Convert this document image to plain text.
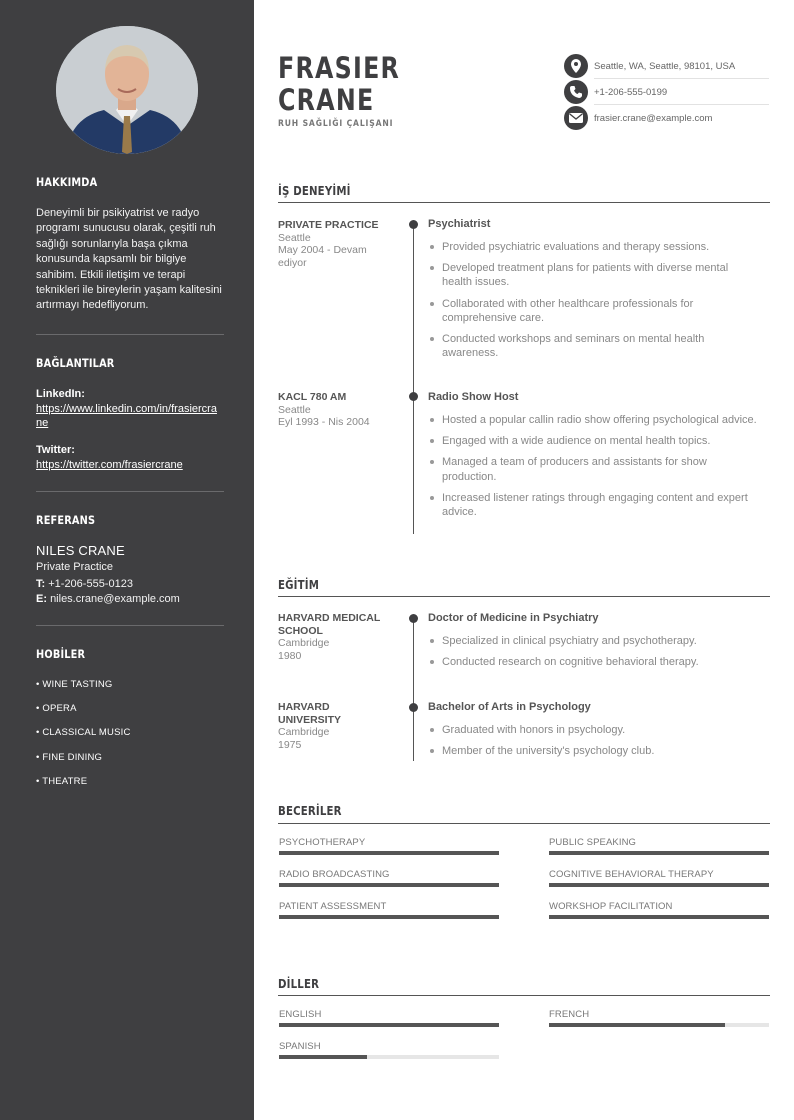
HAKKIMDA
Deneyimli bir psikiyatrist ve radyo programı sunucusu olarak, çeşitli ruh sağlığı sorunlarıyla başa çıkma konusunda kapsamlı bir bilgiye sahibim. Etkili iletişim ve terapi teknikleri ile bireylerin yaşam kalitesini artırmayı hedefliyorum.
BAĞLANTILAR
LinkedIn:
https://www.linkedin.com/in/frasiercrane
Twitter:
https://twitter.com/frasiercrane
REFERANS
NILES CRANE
Private Practice
T: +1-206-555-0123
E: niles.crane@example.com
HOBİLER
• WINE TASTING
• OPERA
• CLASSICAL MUSIC
• FINE DINING
• THEATRE
FRASIER
CRANE
RUH SAĞLIĞI ÇALIŞANI
Seattle, WA, Seattle, 98101, USA
+1-206-555-0199
frasier.crane@example.com
İŞ DENEYİMİ
PRIVATE PRACTICE
Seattle
May 2004 - Devam ediyor
Psychiatrist
Provided psychiatric evaluations and therapy sessions.
Developed treatment plans for patients with diverse mental health issues.
Collaborated with other healthcare professionals for comprehensive care.
Conducted workshops and seminars on mental health awareness.
KACL 780 AM
Seattle
Eyl 1993 - Nis 2004
Radio Show Host
Hosted a popular callin radio show offering psychological advice.
Engaged with a wide audience on mental health topics.
Managed a team of producers and assistants for show production.
Increased listener ratings through engaging content and expert advice.
EĞİTİM
HARVARD MEDICAL SCHOOL
Cambridge
1980
Doctor of Medicine in Psychiatry
Specialized in clinical psychiatry and psychotherapy.
Conducted research on cognitive behavioral therapy.
HARVARD UNIVERSITY
Cambridge
1975
Bachelor of Arts in Psychology
Graduated with honors in psychology.
Member of the university's psychology club.
BECERİLER
PSYCHOTHERAPY	PUBLIC SPEAKING
RADIO BROADCASTING	COGNITIVE BEHAVIORAL THERAPY
PATIENT ASSESSMENT	WORKSHOP FACILITATION
DİLLER
ENGLISH	FRENCH
SPANISH
